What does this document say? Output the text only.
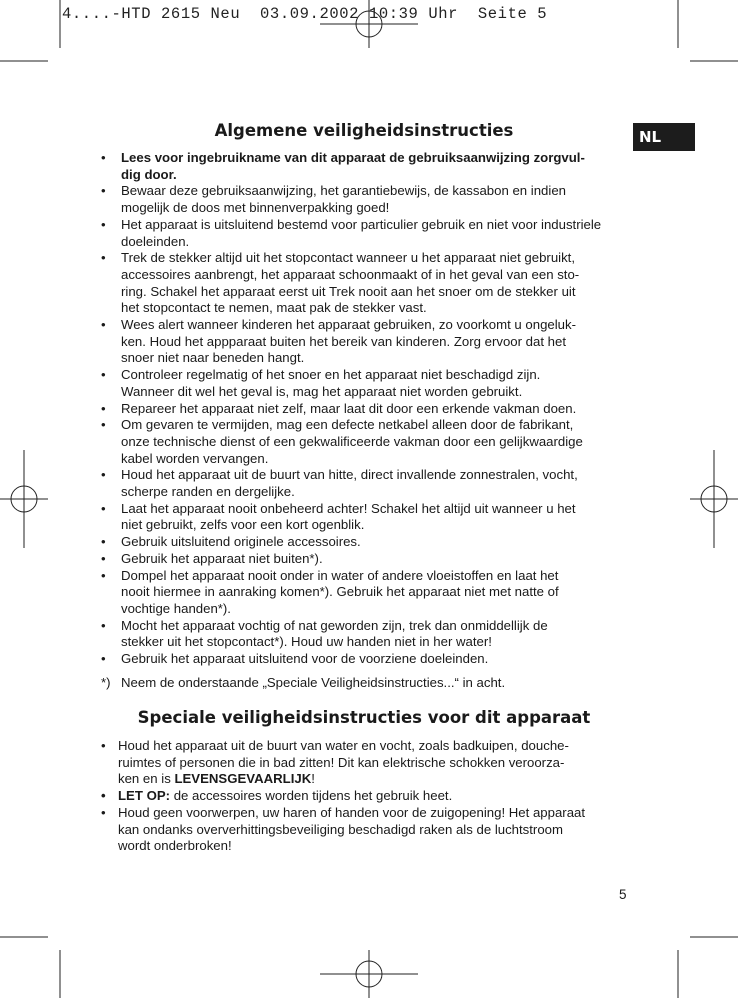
4....-HTD 2615 Neu  03.09.2002 10:39 Uhr  Seite 5
NL
Algemene veiligheidsinstructies
• Lees voor ingebruikname van dit apparaat de gebruiksaanwijzing zorgvul-
dig door.
• Bewaar deze gebruiksaanwijzing, het garantiebewijs, de kassabon en indien
mogelijk de doos met binnenverpakking goed!
• Het apparaat is uitsluitend bestemd voor particulier gebruik en niet voor industriele
doeleinden.
• Trek de stekker altijd uit het stopcontact wanneer u het apparaat niet gebruikt,
accessoires aanbrengt, het apparaat schoonmaakt of in het geval van een sto-
ring. Schakel het apparaat eerst uit Trek nooit aan het snoer om de stekker uit
het stopcontact te nemen, maat pak de stekker vast.
• Wees alert wanneer kinderen het apparaat gebruiken, zo voorkomt u ongeluk-
ken. Houd het appparaat buiten het bereik van kinderen. Zorg ervoor dat het
snoer niet naar beneden hangt.
• Controleer regelmatig of het snoer en het apparaat niet beschadigd zijn.
Wanneer dit wel het geval is, mag het apparaat niet worden gebruikt.
• Repareer het apparaat niet zelf, maar laat dit door een erkende vakman doen.
• Om gevaren te vermijden, mag een defecte netkabel alleen door de fabrikant,
onze technische dienst of een gekwalificeerde vakman door een gelijkwaardige
kabel worden vervangen.
• Houd het apparaat uit de buurt van hitte, direct invallende zonnestralen, vocht,
scherpe randen en dergelijke.
• Laat het apparaat nooit onbeheerd achter! Schakel het altijd uit wanneer u het
niet gebruikt, zelfs voor een kort ogenblik.
• Gebruik uitsluitend originele accessoires.
• Gebruik het apparaat niet buiten*).
• Dompel het apparaat nooit onder in water of andere vloeistoffen en laat het
nooit hiermee in aanraking komen*). Gebruik het apparaat niet met natte of
vochtige handen*).
• Mocht het apparaat vochtig of nat geworden zijn, trek dan onmiddellijk de
stekker uit het stopcontact*). Houd uw handen niet in her water!
• Gebruik het apparaat uitsluitend voor de voorziene doeleinden.
*) Neem de onderstaande „Speciale Veiligheidsinstructies...“ in acht.
Speciale veiligheidsinstructies voor dit apparaat
• Houd het apparaat uit de buurt van water en vocht, zoals badkuipen, douche-
ruimtes of personen die in bad zitten! Dit kan elektrische schokken veroorza-
ken en is LEVENSGEVAARLIJK!
• LET OP: de accessoires worden tijdens het gebruik heet.
• Houd geen voorwerpen, uw haren of handen voor de zuigopening! Het apparaat
kan ondanks oververhittingsbeveiliging beschadigd raken als de luchtstroom
wordt onderbroken!
5
